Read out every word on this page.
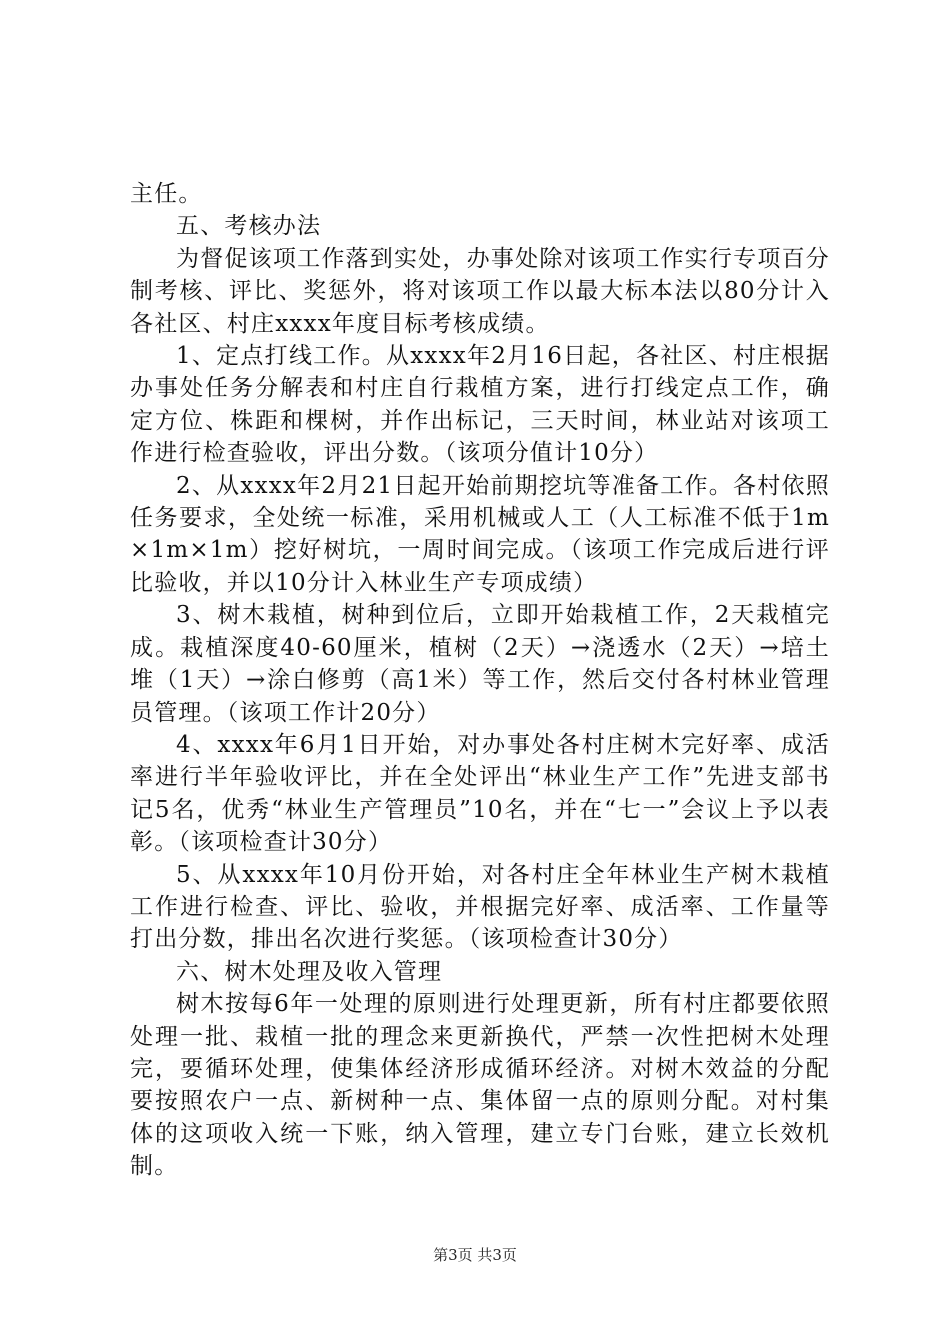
主任。

五、考核办法

为督促该项工作落到实处，办事处除对该项工作实行专项百分制考核、评比、奖惩外，将对该项工作以最大标本法以80分计入各社区、村庄xxxx年度目标考核成绩。

1、定点打线工作。从xxxx年2月16日起，各社区、村庄根据办事处任务分解表和村庄自行栽植方案，进行打线定点工作，确定方位、株距和棵树，并作出标记，三天时间，林业站对该项工作进行检查验收，评出分数。（该项分值计10分）

2、从xxxx年2月21日起开始前期挖坑等准备工作。各村依照任务要求，全处统一标准，采用机械或人工（人工标准不低于1m×1m×1m）挖好树坑，一周时间完成。（该项工作完成后进行评比验收，并以10分计入林业生产专项成绩）

3、树木栽植，树种到位后，立即开始栽植工作，2天栽植完成。栽植深度40-60厘米，植树（2天）→浇透水（2天）→培土堆（1天）→涂白修剪（高1米）等工作，然后交付各村林业管理员管理。（该项工作计20分）

4、xxxx年6月1日开始，对办事处各村庄树木完好率、成活率进行半年验收评比，并在全处评出“林业生产工作”先进支部书记5名，优秀“林业生产管理员”10名，并在“七一”会议上予以表彰。（该项检查计30分）

5、从xxxx年10月份开始，对各村庄全年林业生产树木栽植工作进行检查、评比、验收，并根据完好率、成活率、工作量等打出分数，排出名次进行奖惩。（该项检查计30分）

六、树木处理及收入管理

树木按每6年一处理的原则进行处理更新，所有村庄都要依照处理一批、栽植一批的理念来更新换代，严禁一次性把树木处理完，要循环处理，使集体经济形成循环经济。对树木效益的分配要按照农户一点、新树种一点、集体留一点的原则分配。对村集体的这项收入统一下账，纳入管理，建立专门台账，建立长效机制。

第3页 共3页
